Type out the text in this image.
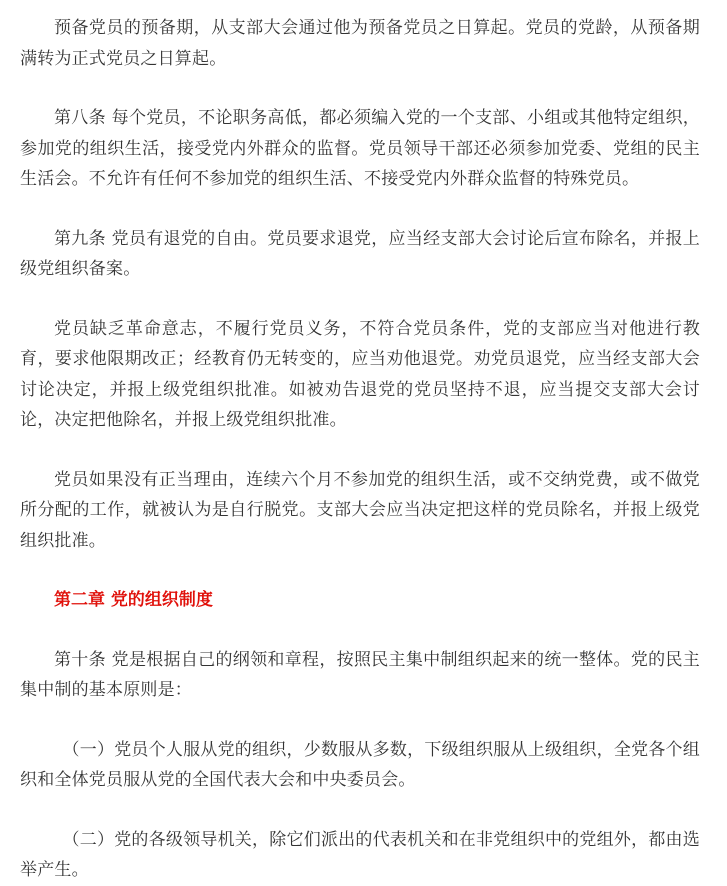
预备党员的预备期，从支部大会通过他为预备党员之日算起。党员的党龄，从预备期满转为正式党员之日算起。

第八条 每个党员，不论职务高低，都必须编入党的一个支部、小组或其他特定组织，参加党的组织生活，接受党内外群众的监督。党员领导干部还必须参加党委、党组的民主生活会。不允许有任何不参加党的组织生活、不接受党内外群众监督的特殊党员。

第九条 党员有退党的自由。党员要求退党，应当经支部大会讨论后宣布除名，并报上级党组织备案。

党员缺乏革命意志，不履行党员义务，不符合党员条件，党的支部应当对他进行教育，要求他限期改正；经教育仍无转变的，应当劝他退党。劝党员退党，应当经支部大会讨论决定，并报上级党组织批准。如被劝告退党的党员坚持不退，应当提交支部大会讨论，决定把他除名，并报上级党组织批准。

党员如果没有正当理由，连续六个月不参加党的组织生活，或不交纳党费，或不做党所分配的工作，就被认为是自行脱党。支部大会应当决定把这样的党员除名，并报上级党组织批准。

第二章 党的组织制度

第十条 党是根据自己的纲领和章程，按照民主集中制组织起来的统一整体。党的民主集中制的基本原则是：

（一）党员个人服从党的组织，少数服从多数，下级组织服从上级组织，全党各个组织和全体党员服从党的全国代表大会和中央委员会。

（二）党的各级领导机关，除它们派出的代表机关和在非党组织中的党组外，都由选举产生。
